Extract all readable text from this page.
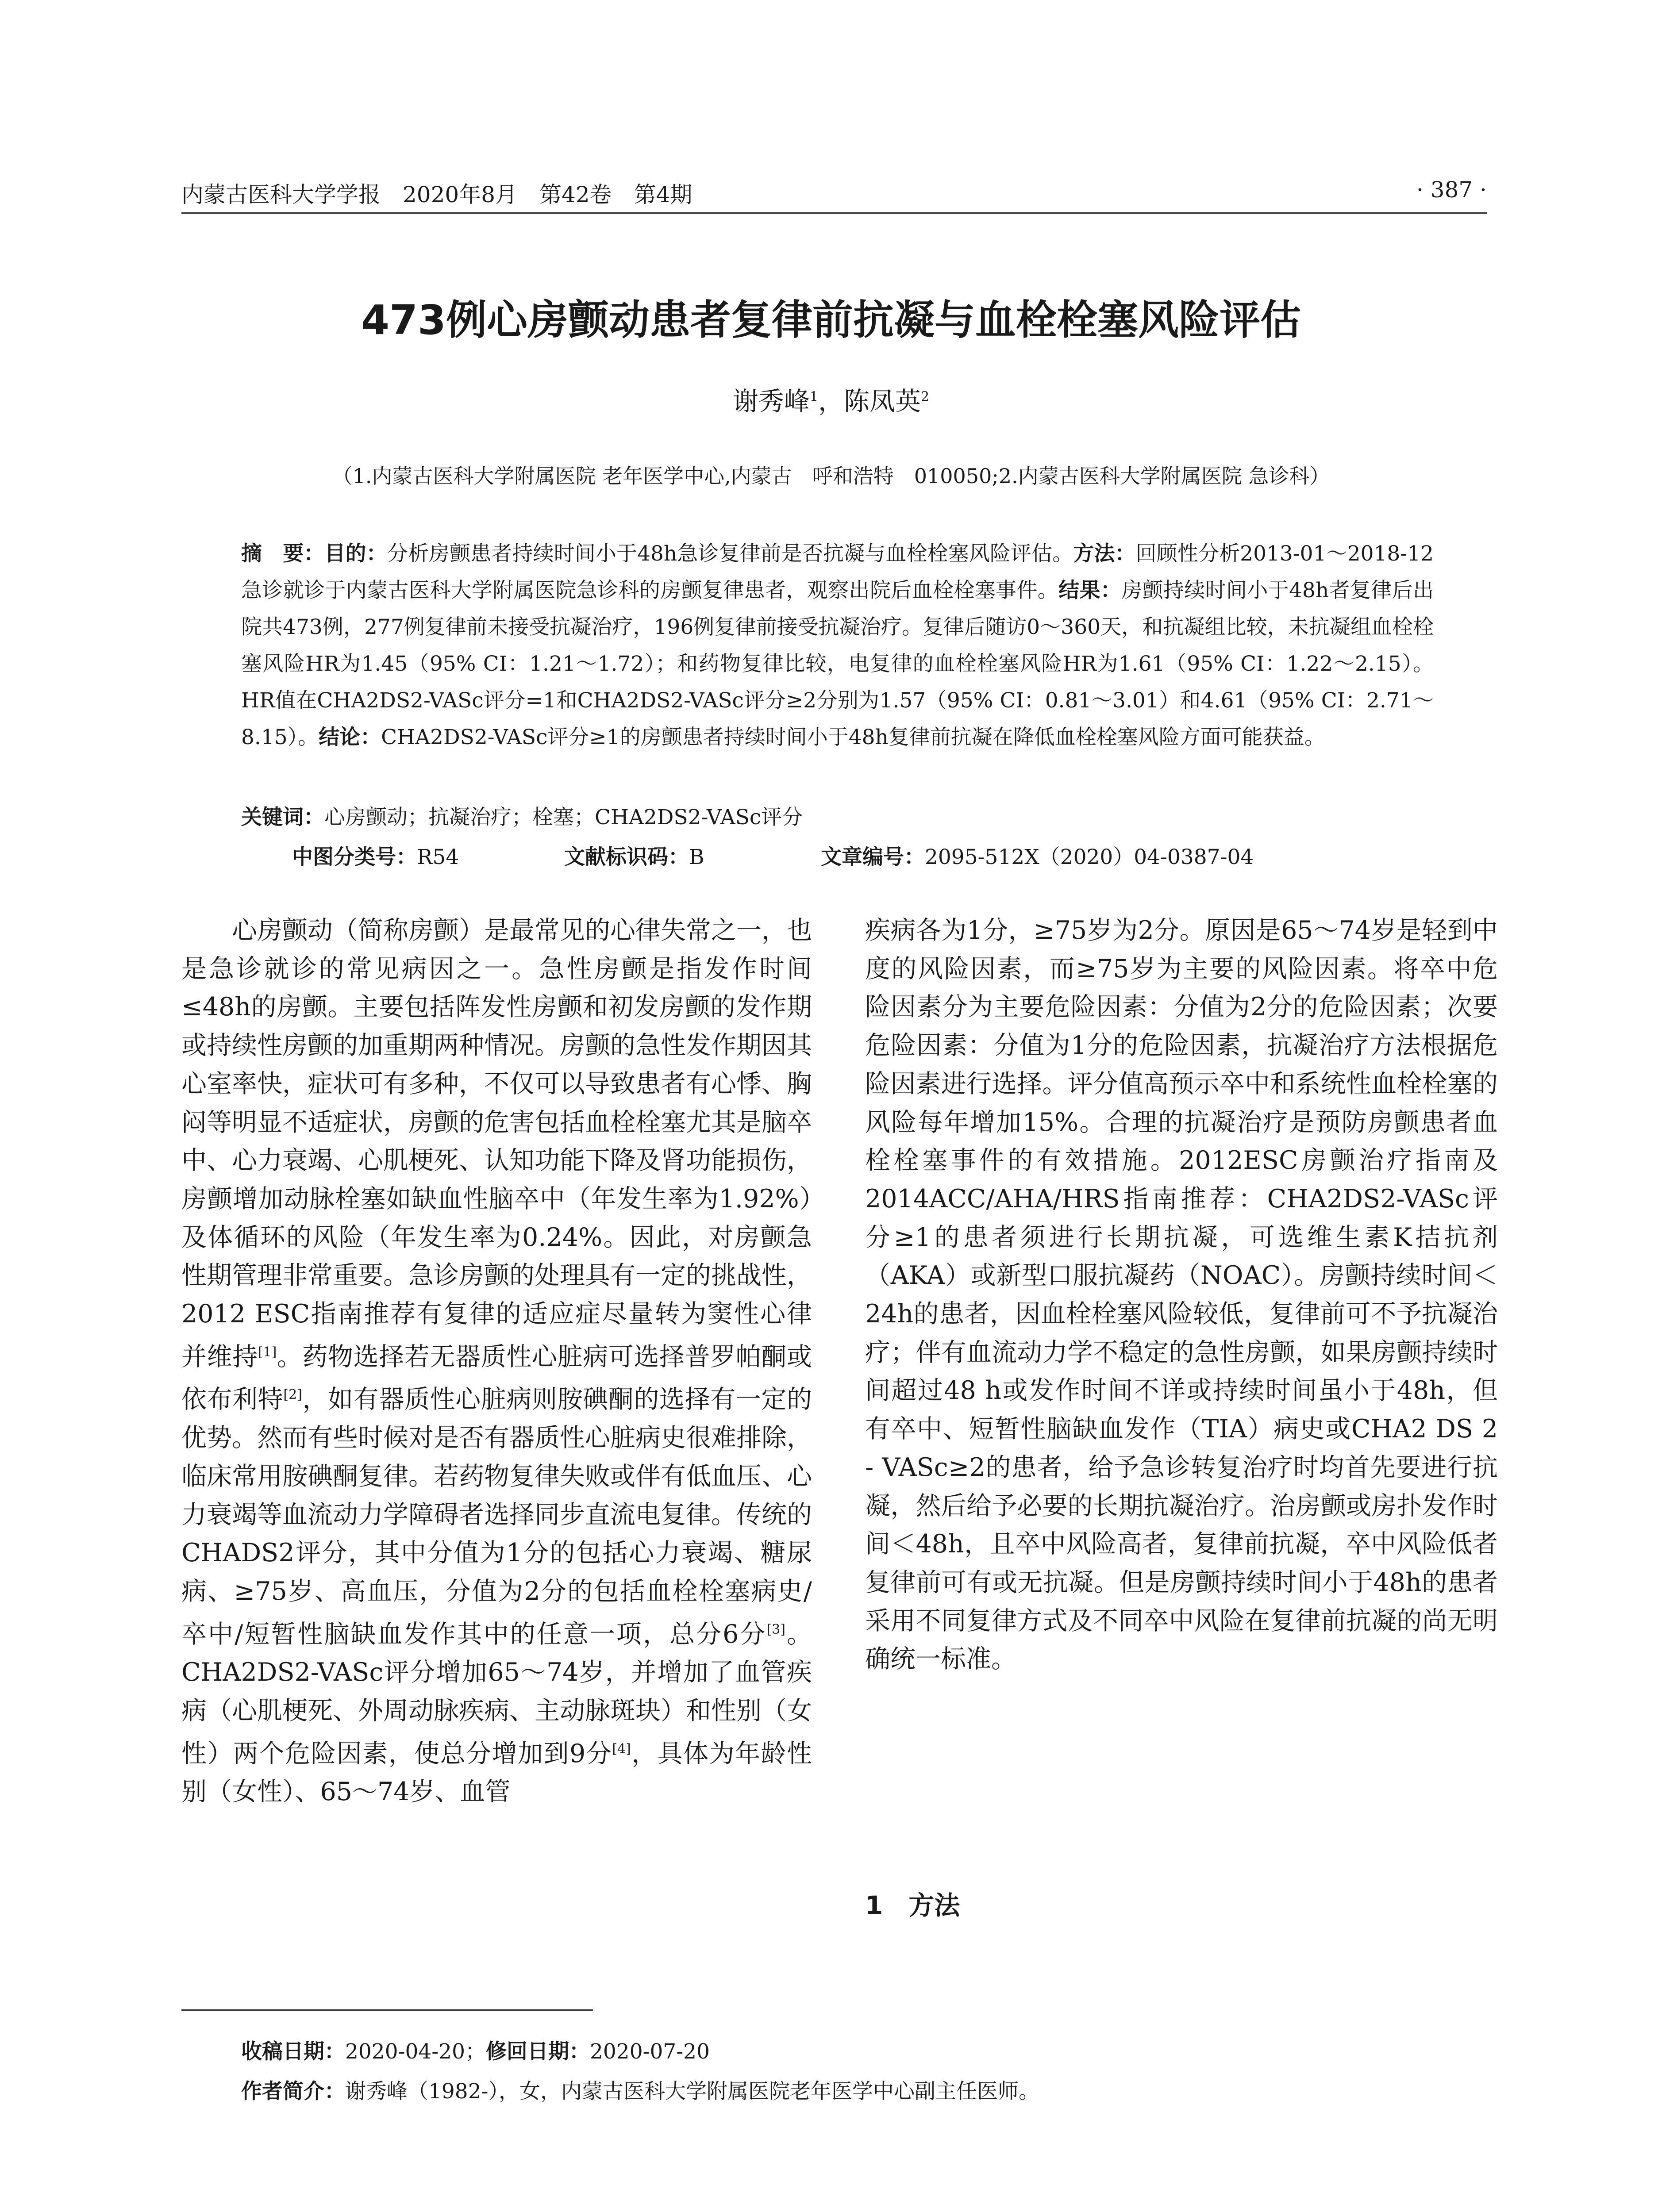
内蒙古医科大学学报　2020年8月　第42卷　第4期	· 387 ·
473例心房颤动患者复律前抗凝与血栓栓塞风险评估
谢秀峰$^1$，陈凤英$^2$
（1.内蒙古医科大学附属医院 老年医学中心,内蒙古　呼和浩特　010050;2.内蒙古医科大学附属医院 急诊科）
摘　要：目的：分析房颤患者持续时间小于48h急诊复律前是否抗凝与血栓栓塞风险评估。方法：回顾性分析2013-01～2018-12急诊就诊于内蒙古医科大学附属医院急诊科的房颤复律患者，观察出院后血栓栓塞事件。结果：房颤持续时间小于48h者复律后出院共473例，277例复律前未接受抗凝治疗，196例复律前接受抗凝治疗。复律后随访0～360天，和抗凝组比较，未抗凝组血栓栓塞风险HR为1.45（95% CI：1.21～1.72）；和药物复律比较，电复律的血栓栓塞风险HR为1.61（95% CI：1.22～2.15）。HR值在CHA2DS2-VASc评分=1和CHA2DS2-VASc评分≥2分别为1.57（95% CI：0.81～3.01）和4.61（95% CI：2.71～8.15）。结论：CHA2DS2-VASc评分≥1的房颤患者持续时间小于48h复律前抗凝在降低血栓栓塞风险方面可能获益。
关键词：心房颤动；抗凝治疗；栓塞；CHA2DS2-VASc评分
中图分类号：R54	文献标识码：B	文章编号：2095-512X（2020）04-0387-04
心房颤动（简称房颤）是最常见的心律失常之一，也是急诊就诊的常见病因之一。急性房颤是指发作时间≤48h的房颤。主要包括阵发性房颤和初发房颤的发作期或持续性房颤的加重期两种情况。房颤的急性发作期因其心室率快，症状可有多种，不仅可以导致患者有心悸、胸闷等明显不适症状，房颤的危害包括血栓栓塞尤其是脑卒中、心力衰竭、心肌梗死、认知功能下降及肾功能损伤，房颤增加动脉栓塞如缺血性脑卒中（年发生率为1.92%）及体循环的风险（年发生率为0.24%。因此，对房颤急性期管理非常重要。急诊房颤的处理具有一定的挑战性，2012 ESC指南推荐有复律的适应症尽量转为窦性心律并维持[1]。药物选择若无器质性心脏病可选择普罗帕酮或依布利特[2]，如有器质性心脏病则胺碘酮的选择有一定的优势。然而有些时候对是否有器质性心脏病史很难排除，临床常用胺碘酮复律。若药物复律失败或伴有低血压、心力衰竭等血流动力学障碍者选择同步直流电复律。传统的CHADS2评分，其中分值为1分的包括心力衰竭、糖尿病、≥75岁、高血压，分值为2分的包括血栓栓塞病史/卒中/短暂性脑缺血发作其中的任意一项，总分6分[3]。CHA2DS2-VASc评分增加65～74岁，并增加了血管疾病（心肌梗死、外周动脉疾病、主动脉斑块）和性别（女性）两个危险因素，使总分增加到9分[4]，具体为年龄性别（女性）、65～74岁、血管
疾病各为1分，≥75岁为2分。原因是65～74岁是轻到中度的风险因素，而≥75岁为主要的风险因素。将卒中危险因素分为主要危险因素：分值为2分的危险因素；次要危险因素：分值为1分的危险因素，抗凝治疗方法根据危险因素进行选择。评分值高预示卒中和系统性血栓栓塞的风险每年增加15%。合理的抗凝治疗是预防房颤患者血栓栓塞事件的有效措施。2012ESC房颤治疗指南及2014ACC/AHA/HRS指南推荐：CHA2DS2-VASc评分≥1的患者须进行长期抗凝，可选维生素K拮抗剂（AKA）或新型口服抗凝药（NOAC）。房颤持续时间＜24h的患者，因血栓栓塞风险较低，复律前可不予抗凝治疗；伴有血流动力学不稳定的急性房颤，如果房颤持续时间超过48 h或发作时间不详或持续时间虽小于48h，但有卒中、短暂性脑缺血发作（TIA）病史或CHA2 DS 2 - VASc≥2的患者，给予急诊转复治疗时均首先要进行抗凝，然后给予必要的长期抗凝治疗。治房颤或房扑发作时间＜48h，且卒中风险高者，复律前抗凝，卒中风险低者复律前可有或无抗凝。但是房颤持续时间小于48h的患者采用不同复律方式及不同卒中风险在复律前抗凝的尚无明确统一标准。
1　方法
收稿日期：2020-04-20；修回日期：2020-07-20
作者简介：谢秀峰（1982-），女，内蒙古医科大学附属医院老年医学中心副主任医师。
